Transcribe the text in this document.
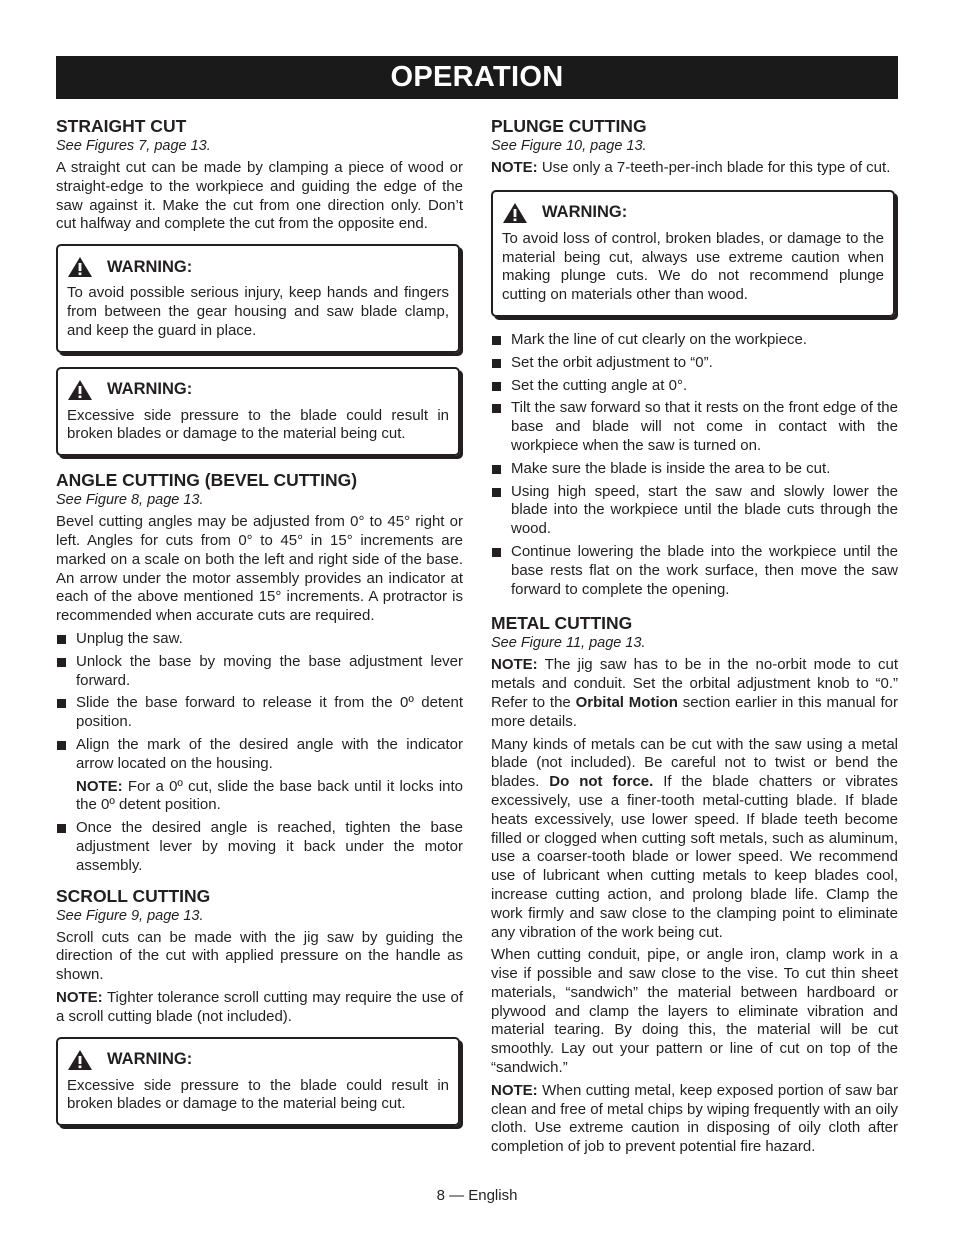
OPERATION
STRAIGHT CUT
See Figures 7, page 13.

A straight cut can be made by clamping a piece of wood or straight-edge to the workpiece and guiding the edge of the saw against it. Make the cut from one direction only. Don’t cut halfway and complete the cut from the opposite end.

WARNING:

To avoid possible serious injury, keep hands and fingers from between the gear housing and saw blade clamp, and keep the guard in place.

WARNING:

Excessive side pressure to the blade could result in broken blades or damage to the material being cut.

ANGLE CUTTING (BEVEL CUTTING)
See Figure 8, page 13.

Bevel cutting angles may be adjusted from 0° to 45° right or left. Angles for cuts from 0° to 45° in 15° increments are marked on a scale on both the left and right side of the base. An arrow under the motor assembly provides an indicator at each of the above mentioned 15° increments. A protractor is recommended when accurate cuts are required.

Unplug the saw.
Unlock the base by moving the base adjustment lever forward.
Slide the base forward to release it from the 0º detent position.
Align the mark of the desired angle with the indicator arrow located on the housing.

NOTE: For a 0º cut, slide the base back until it locks into the 0º detent position.

Once the desired angle is reached, tighten the base adjustment lever by moving it back under the motor assembly.
SCROLL CUTTING
See Figure 9, page 13.

Scroll cuts can be made with the jig saw by guiding the direction of the cut with applied pressure on the handle as shown.

NOTE: Tighter tolerance scroll cutting may require the use of a scroll cutting blade (not included).

WARNING:

Excessive side pressure to the blade could result in broken blades or damage to the material being cut.

PLUNGE CUTTING
See Figure 10, page 13.

NOTE: Use only a 7-teeth-per-inch blade for this type of cut.

WARNING:

To avoid loss of control, broken blades, or damage to the material being cut, always use extreme caution when making plunge cuts. We do not recommend plunge cutting on materials other than wood.

Mark the line of cut clearly on the workpiece.
Set the orbit adjustment to “0”.
Set the cutting angle at 0°.
Tilt the saw forward so that it rests on the front edge of the base and blade will not come in contact with the workpiece when the saw is turned on.
Make sure the blade is inside the area to be cut.
Using high speed, start the saw and slowly lower the blade into the workpiece until the blade cuts through the wood.
Continue lowering the blade into the workpiece until the base rests flat on the work surface, then move the saw forward to complete the opening.
METAL CUTTING
See Figure 11, page 13.

NOTE: The jig saw has to be in the no-orbit mode to cut metals and conduit. Set the orbital adjustment knob to “0.” Refer to the Orbital Motion section earlier in this manual for more details.

Many kinds of metals can be cut with the saw using a metal blade (not included). Be careful not to twist or bend the blades. Do not force. If the blade chatters or vibrates excessively, use a finer-tooth metal-cutting blade. If blade heats excessively, use lower speed. If blade teeth become filled or clogged when cutting soft metals, such as aluminum, use a coarser-tooth blade or lower speed. We recommend use of lubricant when cutting metals to keep blades cool, increase cutting action, and prolong blade life. Clamp the work firmly and saw close to the clamping point to eliminate any vibration of the work being cut.

When cutting conduit, pipe, or angle iron, clamp work in a vise if possible and saw close to the vise. To cut thin sheet materials, “sandwich” the material between hardboard or plywood and clamp the layers to eliminate vibration and material tearing. By doing this, the material will be cut smoothly. Lay out your pattern or line of cut on top of the “sandwich.”

NOTE: When cutting metal, keep exposed portion of saw bar clean and free of metal chips by wiping frequently with an oily cloth. Use extreme caution in disposing of oily cloth after completion of job to prevent potential fire hazard.

8 — English
